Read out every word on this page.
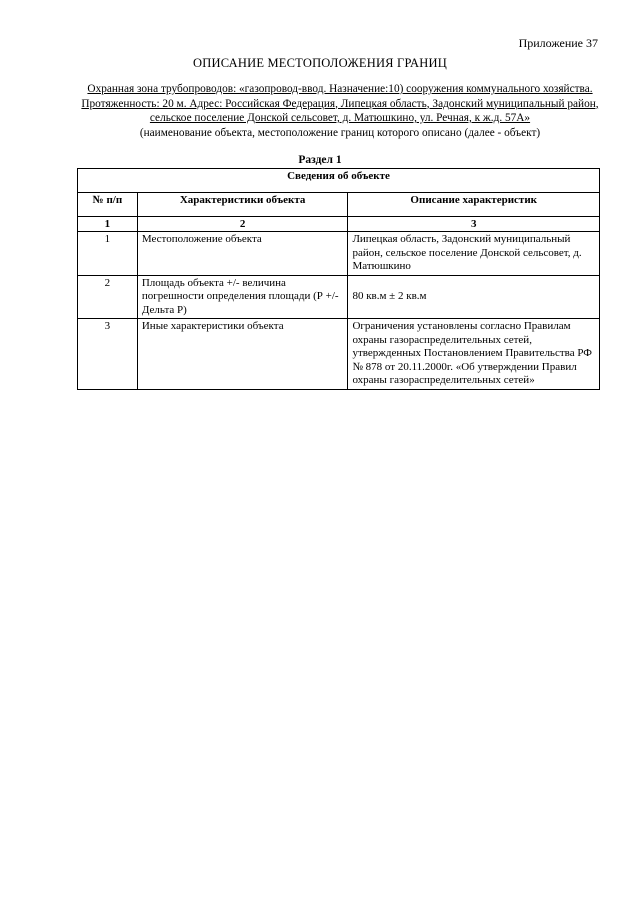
Приложение 37
ОПИСАНИЕ МЕСТОПОЛОЖЕНИЯ ГРАНИЦ
Охранная зона трубопроводов: «газопровод-ввод. Назначение:10) сооружения коммунального хозяйства. Протяженность: 20 м. Адрес: Российская Федерация, Липецкая область, Задонский муниципальный район, сельское поселение Донской сельсовет, д. Матюшкино, ул. Речная, к ж.д. 57А»
(наименование объекта, местоположение границ которого описано (далее - объект)
Раздел 1
Сведения об объекте		
№ п/п	Характеристики объекта	Описание характеристик
1	2	3
1	Местоположение объекта	Липецкая область, Задонский муниципальный район, сельское поселение Донской сельсовет, д. Матюшкино
2	Площадь объекта +/- величина погрешности определения площади (Р +/- Дельта Р)	80 кв.м ± 2 кв.м
3	Иные характеристики объекта	Ограничения установлены согласно Правилам охраны газораспределительных сетей, утвержденных Постановлением Правительства РФ № 878 от 20.11.2000г. «Об утверждении Правил охраны газораспределительных сетей»
